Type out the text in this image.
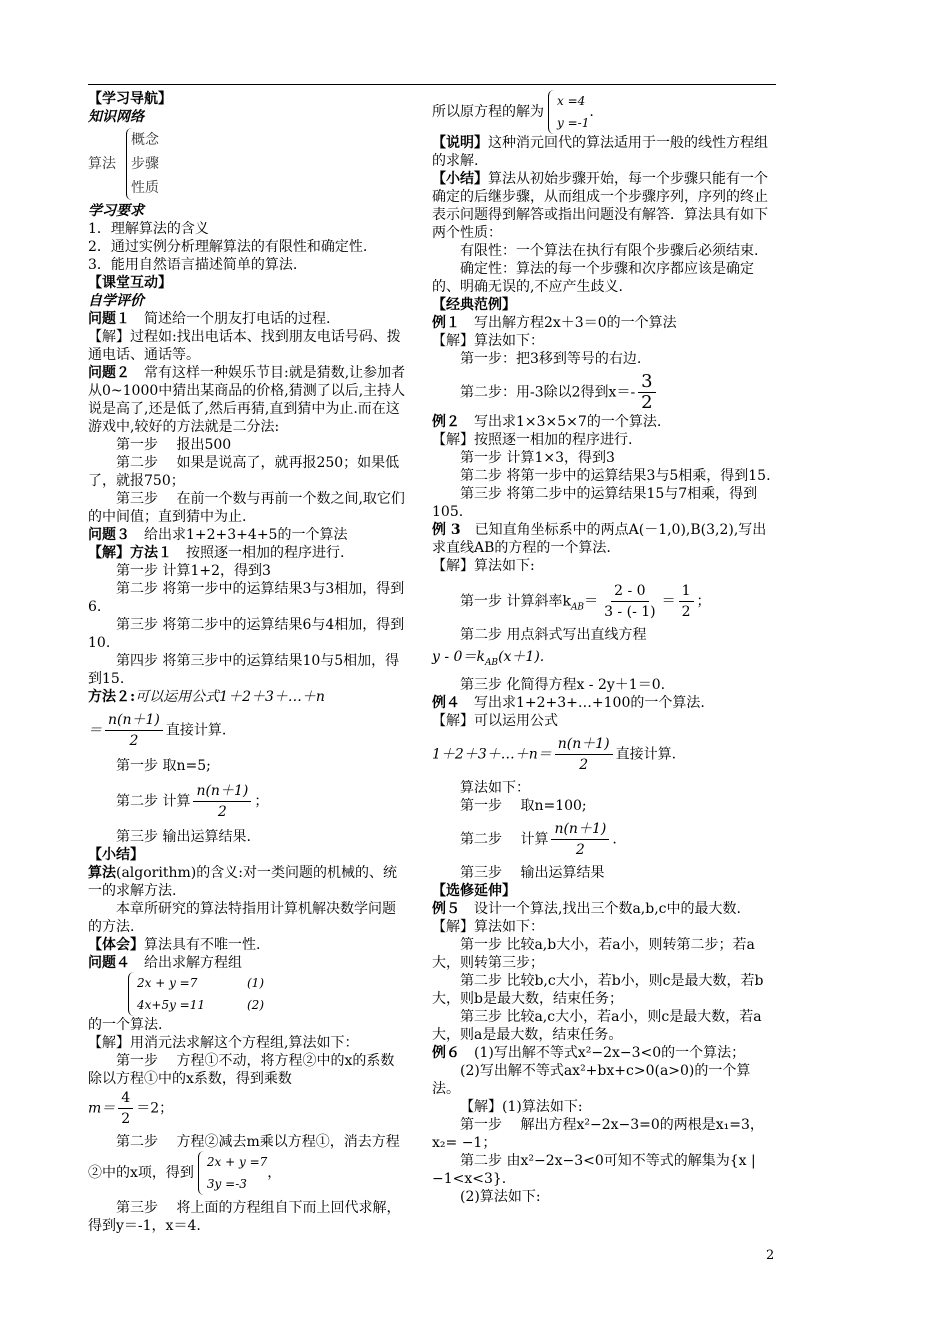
【学习导航】

知识网络

算法
概念
步骤
性质

学习要求

1．理解算法的含义

2．通过实例分析理解算法的有限性和确定性.

3．能用自然语言描述简单的算法.

【课堂互动】

自学评价

问题１　 简述给一个朋友打电话的过程.

【解】过程如:找出电话本、找到朋友电话号码、拨通电话、通话等。

问题２　 常有这样一种娱乐节目:就是猜数,让参加者从0~1000中猜出某商品的价格,猜测了以后,主持人说是高了,还是低了,然后再猜,直到猜中为止.而在这游戏中,较好的方法就是二分法:

第一步　 报出500

第二步　 如果是说高了，就再报250；如果低了，就报750；

第三步　 在前一个数与再前一个数之间,取它们的中间值；直到猜中为止.

问题３　 给出求1+2+3+4+5的一个算法

【解】方法１　 按照逐一相加的程序进行.

第一步 计算1+2，得到3

第二步 将第一步中的运算结果3与3相加，得到6.

第三步 将第二步中的运算结果6与4相加，得到10.

第四步 将第三步中的运算结果10与5相加，得到15.

方法２:可以运用公式1＋2＋3＋…＋n

＝ $\frac{n(n+1)}{2}$ 直接计算.

第一步 取n=5;

第二步 计算 $\frac{n(n+1)}{2}$ ；

第三步 输出运算结果.

【小结】

算法(algorithm)的含义:对一类问题的机械的、统一的求解方法.

本章所研究的算法特指用计算机解决数学问题的方法.

【体会】算法具有不唯一性.

问题４　 给出求解方程组

2x + y =7	(1)
4x+5y =11	(2)

的一个算法.

【解】用消元法求解这个方程组,算法如下：

第一步　 方程①不动，将方程②中的x的系数除以方程①中的x系数，得到乘数

$m= \frac{4}{2} =2$；

第二步　 方程②减去m乘以方程①，消去方程②中的x项，得到2x + y =7
3y =-3，

第三步　 将上面的方程组自下而上回代求解，得到y＝-1，x＝4.

所以原方程的解为x =4
y =-1.

【说明】这种消元回代的算法适用于一般的线性方程组的求解.

【小结】算法从初始步骤开始，每一个步骤只能有一个确定的后继步骤，从而组成一个步骤序列，序列的终止表示问题得到解答或指出问题没有解答．算法具有如下两个性质：

有限性：一个算法在执行有限个步骤后必须结束.

确定性：算法的每一个步骤和次序都应该是确定的、明确无误的,不应产生歧义.

【经典范例】

例１　 写出解方程2x＋3＝0的一个算法

【解】算法如下：

第一步：把3移到等号的右边.

第二步：用-3除以2得到$x=- \frac{3}{2}$

例２　 写出求1×3×5×7的一个算法.

【解】按照逐一相加的程序进行.

第一步 计算1×3，得到3

第二步 将第一步中的运算结果3与5相乘，得到15.

第三步 将第二步中的运算结果15与7相乘，得到105.

例 3　 已知直角坐标系中的两点A(－1,0),B(3,2),写出求直线AB的方程的一个算法.

【解】算法如下:

第一步 计算斜率$k_{AB}= \frac{2 - 0}{3 - (- 1)} = \frac{1}{2}$ ；

第二步 用点斜式写出直线方程

$y - 0=k_{AB}(x+1)$.

第三步 化简得方程x - 2y＋1＝0.

例４　 写出求1+2+3+…+100的一个算法.

【解】可以运用公式

1＋2＋3＋…＋n＝ $\frac{n(n+1)}{2}$ 直接计算.

算法如下：

第一步　 取n=100;

第二步　 计算 $\frac{n(n+1)}{2}$ .

第三步　 输出运算结果

【选修延伸】

例５　 设计一个算法,找出三个数a,b,c中的最大数.

【解】算法如下：

第一步 比较a,b大小，若a小，则转第二步；若a大，则转第三步；

第二步 比较b,c大小，若b小，则c是最大数，若b大，则b是最大数，结束任务；

第三步 比较a,c大小，若a小，则c是最大数，若a大，则a是最大数，结束任务。

例６　 (1)写出解不等式x²−2x−3<0的一个算法；

(2)写出解不等式ax²+bx+c>0(a>0)的一个算法。

【解】(1)算法如下:

第一步　 解出方程x²−2x−3=0的两根是x₁=3，x₂= −1；

第二步 由x²−2x−3<0可知不等式的解集为{x | −1<x<3}.

(2)算法如下:

2
